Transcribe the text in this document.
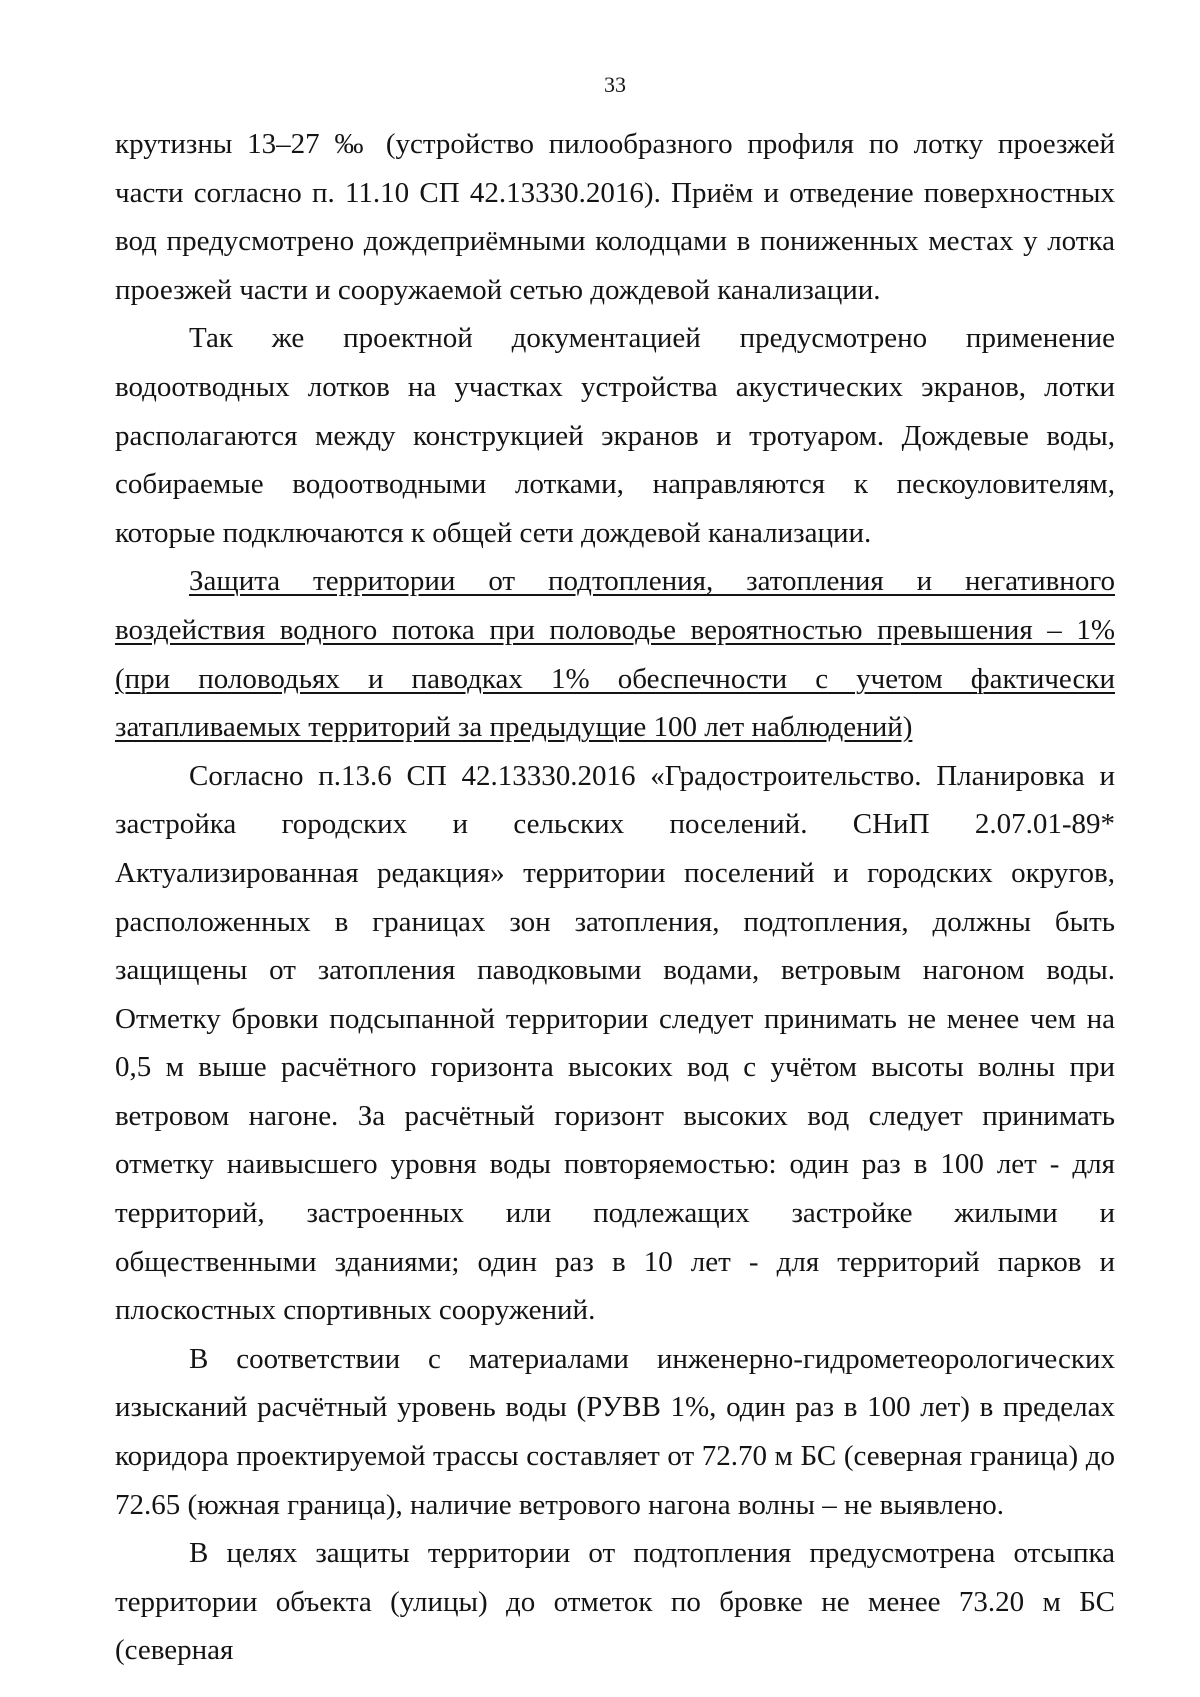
33

крутизны 13–27 ‰ (устройство пилообразного профиля по лотку проезжей части согласно п. 11.10 СП 42.13330.2016). Приём и отведение поверхностных вод предусмотрено дождеприёмными колодцами в пониженных местах у лотка проезжей части и сооружаемой сетью дождевой канализации.

Так же проектной документацией предусмотрено применение водоотводных лотков на участках устройства акустических экранов, лотки располагаются между конструкцией экранов и тротуаром. Дождевые воды, собираемые водоотводными лотками, направляются к пескоуловителям, которые подключаются к общей сети дождевой канализации.

Защита территории от подтопления, затопления и негативного воздействия водного потока при половодье вероятностью превышения – 1% (при половодьях и паводках 1% обеспечности с учетом фактически затапливаемых территорий за предыдущие 100 лет наблюдений)

Согласно п.13.6 СП 42.13330.2016 «Градостроительство. Планировка и застройка городских и сельских поселений. СНиП 2.07.01-89* Актуализированная редакция» территории поселений и городских округов, расположенных в границах зон затопления, подтопления, должны быть защищены от затопления паводковыми водами, ветровым нагоном воды. Отметку бровки подсыпанной территории следует принимать не менее чем на 0,5 м выше расчётного горизонта высоких вод с учётом высоты волны при ветровом нагоне. За расчётный горизонт высоких вод следует принимать отметку наивысшего уровня воды повторяемостью: один раз в 100 лет - для территорий, застроенных или подлежащих застройке жилыми и общественными зданиями; один раз в 10 лет - для территорий парков и плоскостных спортивных сооружений.

В соответствии с материалами инженерно-гидрометеорологических изысканий расчётный уровень воды (РУВВ 1%, один раз в 100 лет) в пределах коридора проектируемой трассы составляет от 72.70 м БС (северная граница) до 72.65 (южная граница), наличие ветрового нагона волны – не выявлено.

В целях защиты территории от подтопления предусмотрена отсыпка территории объекта (улицы) до отметок по бровке не менее 73.20 м БС (северная
